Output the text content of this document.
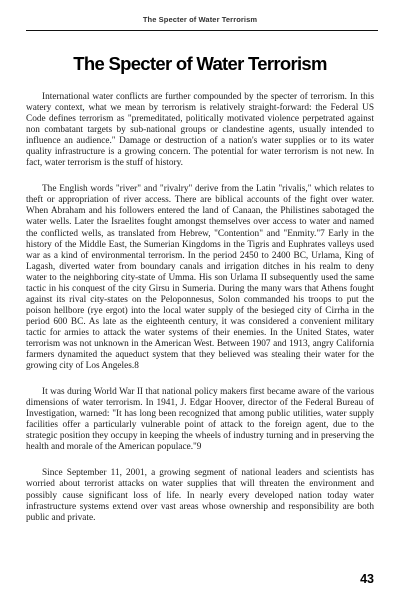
The Specter of Water Terrorism
The Specter of Water Terrorism

International water conflicts are further compounded by the specter of terrorism. In this watery context, what we mean by terrorism is relatively straight-forward: the Federal US Code defines terrorism as "premeditated, politically motivated violence perpetrated against non combatant targets by sub-national groups or clandestine agents, usually intended to influence an audience." Damage or destruction of a nation's water supplies or to its water quality infrastructure is a growing concern. The potential for water terrorism is not new. In fact, water terrorism is the stuff of history.

The English words "river" and "rivalry" derive from the Latin "rivalis," which relates to theft or appropriation of river access. There are biblical accounts of the fight over water. When Abraham and his followers entered the land of Canaan, the Philistines sabotaged the water wells. Later the Israelites fought amongst themselves over access to water and named the conflicted wells, as translated from Hebrew, "Contention" and "Enmity."7 Early in the history of the Middle East, the Sumerian Kingdoms in the Tigris and Euphrates valleys used war as a kind of environmental terrorism. In the period 2450 to 2400 BC, Urlama, King of Lagash, diverted water from boundary canals and irrigation ditches in his realm to deny water to the neighboring city-state of Umma. His son Urlama II subsequently used the same tactic in his conquest of the city Girsu in Sumeria. During the many wars that Athens fought against its rival city-states on the Peloponnesus, Solon commanded his troops to put the poison hellbore (rye ergot) into the local water supply of the besieged city of Cirrha in the period 600 BC. As late as the eighteenth century, it was considered a convenient military tactic for armies to attack the water systems of their enemies. In the United States, water terrorism was not unknown in the American West. Between 1907 and 1913, angry California farmers dynamited the aqueduct system that they believed was stealing their water for the growing city of Los Angeles.8

It was during World War II that national policy makers first became aware of the various dimensions of water terrorism. In 1941, J. Edgar Hoover, director of the Federal Bureau of Investigation, warned: "It has long been recognized that among public utilities, water supply facilities offer a particularly vulnerable point of attack to the foreign agent, due to the strategic position they occupy in keeping the wheels of industry turning and in preserving the health and morale of the American populace."9

Since September 11, 2001, a growing segment of national leaders and scientists has worried about terrorist attacks on water supplies that will threaten the environment and possibly cause significant loss of life. In nearly every developed nation today water infrastructure systems extend over vast areas whose ownership and responsibility are both public and private.

43
